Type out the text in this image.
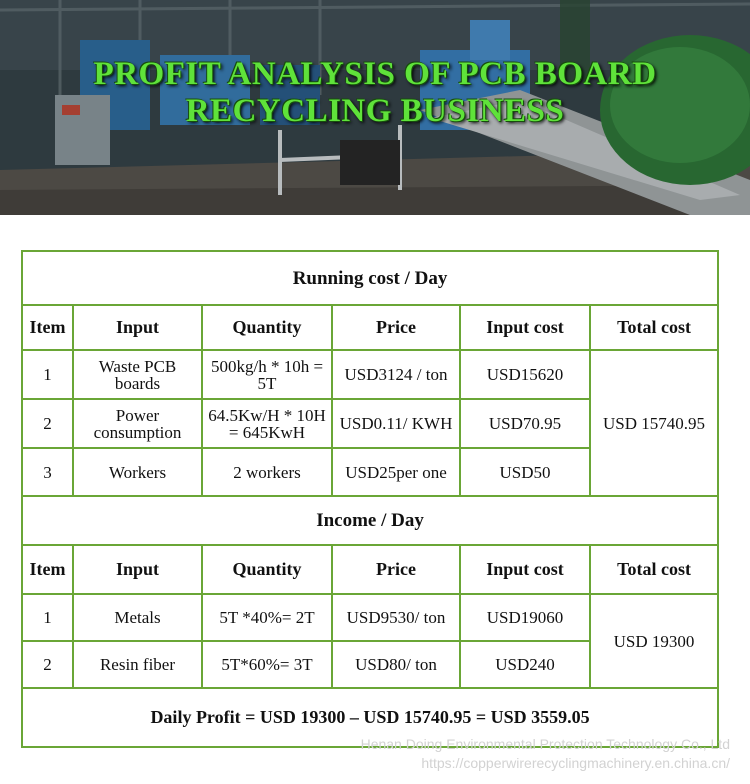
PROFIT ANALYSIS OF PCB BOARD
RECYCLING BUSINESS
Running cost / Day					
Item	Input	Quantity	Price	Input cost	Total cost
1	Waste PCB boards	500kg/h * 10h = 5T	USD3124 / ton	USD15620	USD 15740.95
2	Power consumption	64.5Kw/H * 10H = 645KwH	USD0.11/ KWH	USD70.95	
3	Workers	2 workers	USD25per one	USD50	
Income / Day					
Item	Input	Quantity	Price	Input cost	Total cost
1	Metals	5T *40%= 2T	USD9530/ ton	USD19060	USD 19300
2	Resin fiber	5T*60%= 3T	USD80/ ton	USD240	
Daily Profit = USD 19300 – USD 15740.95 = USD 3559.05					
Henan Doing Environmental Protection Technology Co., Ltd
https://copperwirerecyclingmachinery.en.china.cn/
